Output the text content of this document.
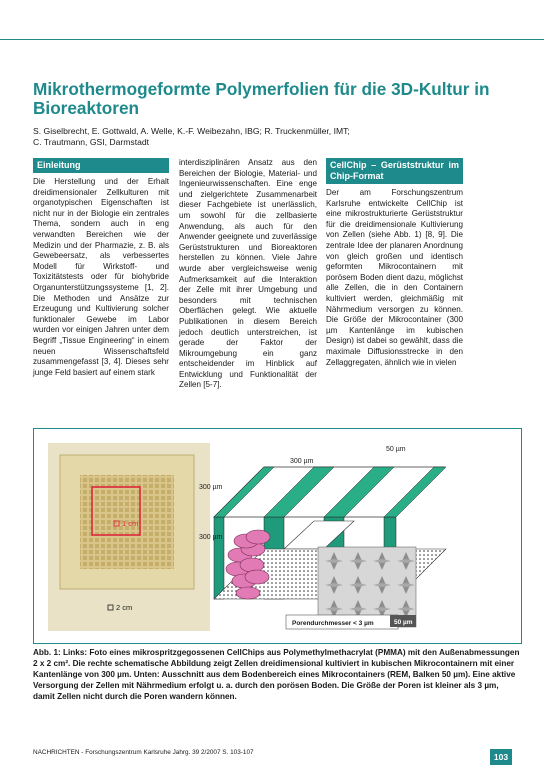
Mikrothermogeformte Polymerfolien für die 3D-Kultur in Bioreaktoren
S. Giselbrecht, E. Gottwald, A. Welle, K.-F. Weibezahn, IBG; R. Truckenmüller, IMT;
C. Trautmann, GSI, Darmstadt
Einleitung

Die Herstellung und der Erhalt dreidimensionaler Zellkulturen mit organotypischen Eigenschaften ist nicht nur in der Biologie ein zentrales Thema, sondern auch in eng verwandten Bereichen wie der Medizin und der Pharmazie, z. B. als Gewebeersatz, als verbessertes Modell für Wirkstoff- und Toxizitätstests oder für biohybride Organunterstützungssysteme [1, 2]. Die Methoden und Ansätze zur Erzeugung und Kultivierung solcher funktionaler Gewebe im Labor wurden vor einigen Jahren unter dem Begriff „Tissue Engineering“ in einem neuen Wissenschaftsfeld zusammengefasst [3, 4]. Dieses sehr junge Feld basiert auf einem stark

interdisziplinären Ansatz aus den Bereichen der Biologie, Material- und Ingenieurwissenschaften. Eine enge und zielgerichtete Zusammenarbeit dieser Fachgebiete ist unerlässlich, um sowohl für die zellbasierte Anwendung, als auch für den Anwender geeignete und zuverlässige Gerüststrukturen und Bioreaktoren herstellen zu können. Viele Jahre wurde aber vergleichsweise wenig Aufmerksamkeit auf die Interaktion der Zelle mit ihrer Umgebung und besonders mit technischen Oberflächen gelegt. Wie aktuelle Publikationen in diesem Bereich jedoch deutlich unterstreichen, ist gerade der Faktor der Mikroumgebung ein ganz entscheidender im Hinblick auf Entwicklung und Funktionalität der Zellen [5-7].

CellChip – Gerüststruktur im Chip-Format

Der am Forschungszentrum Karlsruhe entwickelte CellChip ist eine mikrostrukturierte Gerüststruktur für die dreidimensionale Kultivierung von Zellen (siehe Abb. 1) [8, 9]. Die zentrale Idee der planaren Anordnung von gleich großen und identisch geformten Mikrocontainern mit porösem Boden dient dazu, möglichst alle Zellen, die in den Containern kultiviert werden, gleichmäßig mit Nährmedium versorgen zu können. Die Größe der Mikrocontainer (300 µm Kantenlänge im kubischen Design) ist dabei so gewählt, dass die maximale Diffusionsstrecke in den Zellaggregaten, ähnlich wie in vielen

1 cm
2 cm
300 µm
300 µm
300 µm
50 µm
Porendurchmesser < 3 µm	50 µm
Abb. 1: Links: Foto eines mikrospritzgegossenen CellChips aus Polymethylmethacrylat (PMMA) mit den Außenabmessungen 2 x 2 cm². Die rechte schematische Abbildung zeigt Zellen dreidimensional kultiviert in kubischen Mikrocontainern mit einer Kantenlänge von 300 µm. Unten: Ausschnitt aus dem Bodenbereich eines Mikrocontainers (REM, Balken 50 µm). Eine aktive Versorgung der Zellen mit Nährmedium erfolgt u. a. durch den porösen Boden. Die Größe der Poren ist kleiner als 3 µm, damit Zellen nicht durch die Poren wandern können.
NACHRICHTEN - Forschungszentrum Karlsruhe Jahrg. 39 2/2007 S. 103-107	103
